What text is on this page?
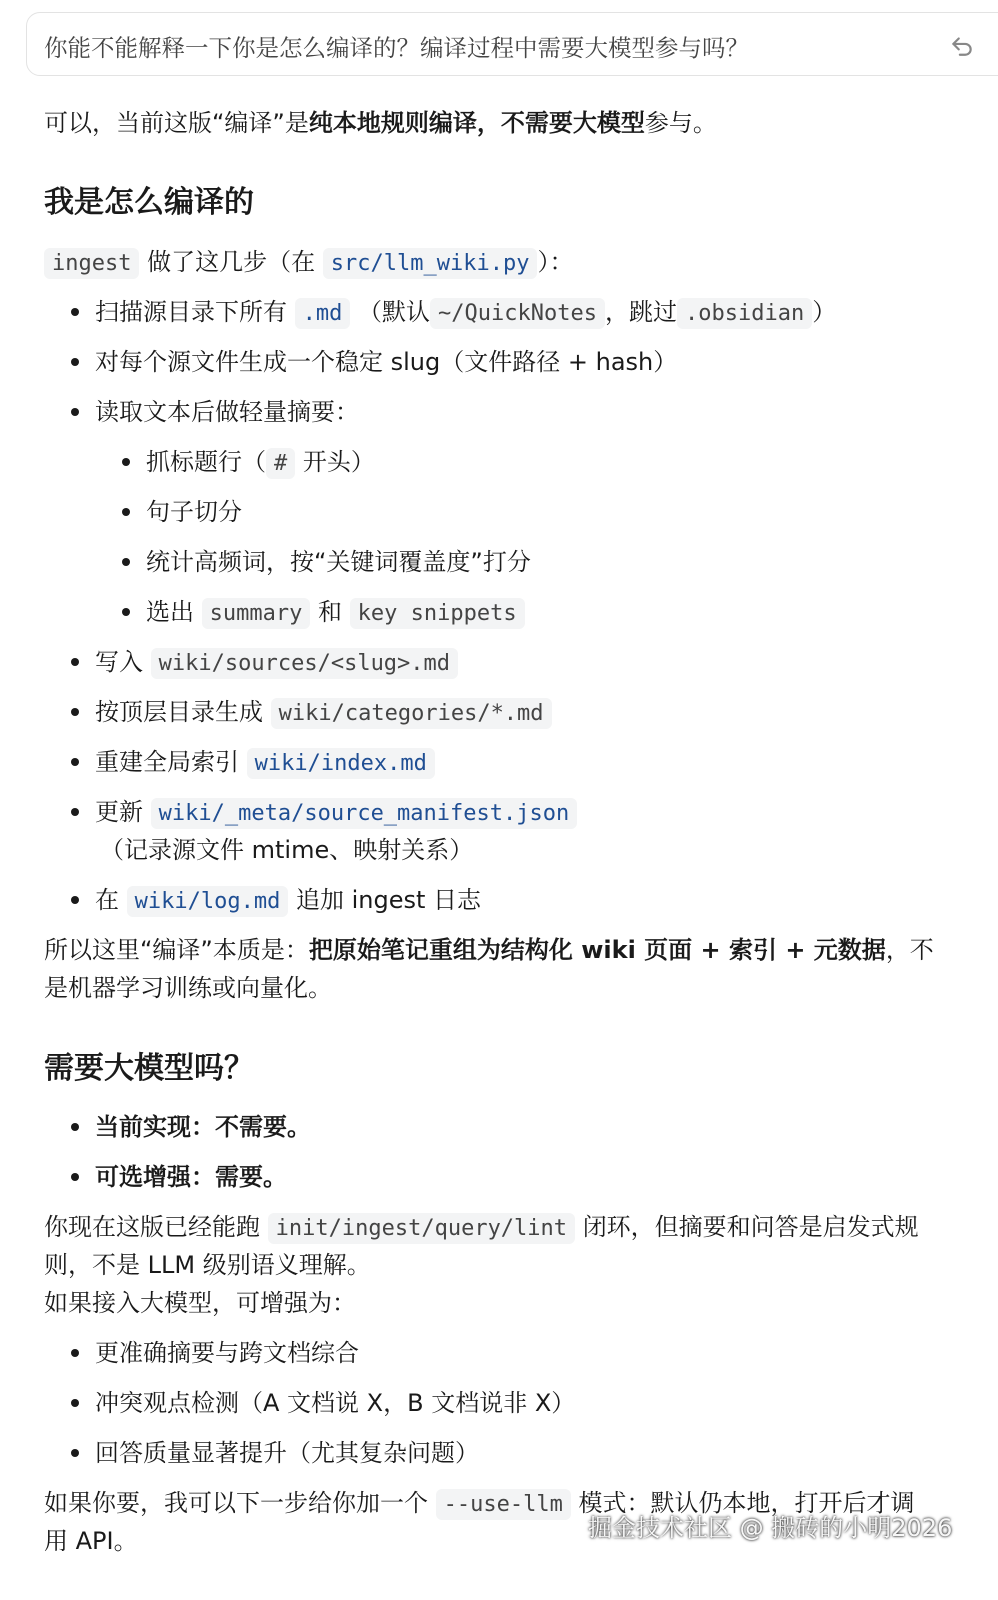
你能不能解释一下你是怎么编译的？编译过程中需要大模型参与吗？
可以，当前这版“编译”是纯本地规则编译，不需要大模型参与。
我是怎么编译的
ingest 做了这几步（在 src/llm_wiki.py ）：
扫描源目录下所有 .md （默认 ~/QuickNotes ，跳过 .obsidian ）
对每个源文件生成一个稳定 slug（文件路径 + hash）
读取文本后做轻量摘要：
抓标题行（ # 开头）
句子切分
统计高频词，按“关键词覆盖度”打分
选出 summary 和 key snippets
写入 wiki/sources/<slug>.md
按顶层目录生成 wiki/categories/*.md
重建全局索引 wiki/index.md
更新 wiki/_meta/source_manifest.json
（记录源文件 mtime、映射关系）
在 wiki/log.md 追加 ingest 日志
所以这里“编译”本质是：把原始笔记重组为结构化 wiki 页面 + 索引 + 元数据，不
是机器学习训练或向量化。
需要大模型吗？
当前实现：不需要。
可选增强：需要。
你现在这版已经能跑 init/ingest/query/lint 闭环，但摘要和问答是启发式规
则，不是 LLM 级别语义理解。
如果接入大模型，可增强为：
更准确摘要与跨文档综合
冲突观点检测（A 文档说 X，B 文档说非 X）
回答质量显著提升（尤其复杂问题）
如果你要，我可以下一步给你加一个 --use-llm 模式：默认仍本地，打开后才调
用 API。	掘金技术社区 @ 搬砖的小明2026
